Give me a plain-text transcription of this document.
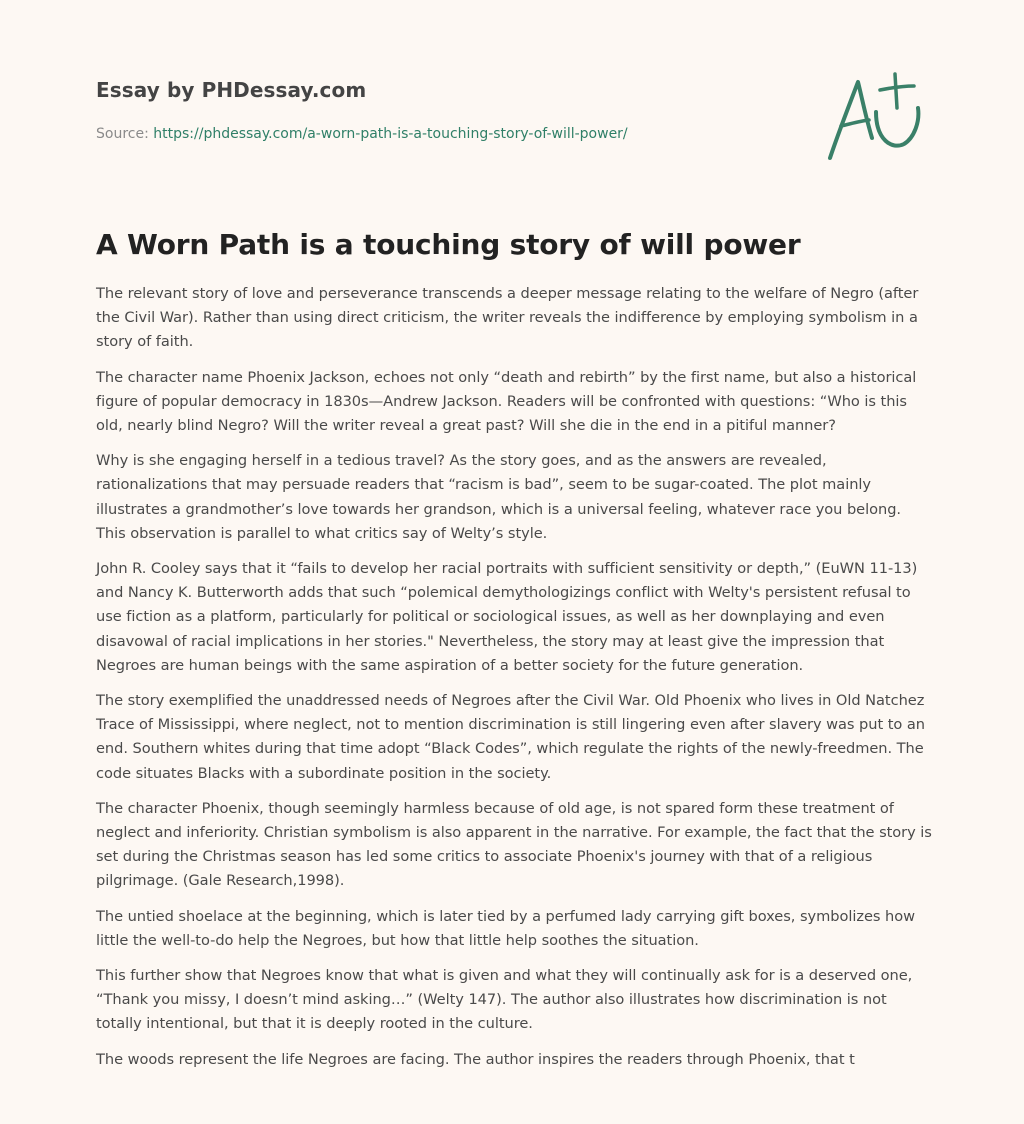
Essay by PHDessay.com

Source: https://phdessay.com/a-worn-path-is-a-touching-story-of-will-power/
A Worn Path is a touching story of will power

The relevant story of love and perseverance transcends a deeper message relating to the welfare of Negro (after the Civil War). Rather than using direct criticism, the writer reveals the indifference by employing symbolism in a story of faith.

The character name Phoenix Jackson, echoes not only “death and rebirth” by the first name, but also a historical figure of popular democracy in 1830s—Andrew Jackson. Readers will be confronted with questions: “Who is this old, nearly blind Negro? Will the writer reveal a great past? Will she die in the end in a pitiful manner?

Why is she engaging herself in a tedious travel? As the story goes, and as the answers are revealed, rationalizations that may persuade readers that “racism is bad”, seem to be sugar-coated. The plot mainly illustrates a grandmother’s love towards her grandson, which is a universal feeling, whatever race you belong. This observation is parallel to what critics say of Welty’s style.

John R. Cooley says that it “fails to develop her racial portraits with sufficient sensitivity or depth,” (EuWN 11-13) and Nancy K. Butterworth adds that such “polemical demythologizings conflict with Welty's persistent refusal to use fiction as a platform, particularly for political or sociological issues, as well as her downplaying and even disavowal of racial implications in her stories." Nevertheless, the story may at least give the impression that Negroes are human beings with the same aspiration of a better society for the future generation.

The story exemplified the unaddressed needs of Negroes after the Civil War. Old Phoenix who lives in Old Natchez Trace of Mississippi, where neglect, not to mention discrimination is still lingering even after slavery was put to an end. Southern whites during that time adopt “Black Codes”, which regulate the rights of the newly-freedmen. The code situates Blacks with a subordinate position in the society.

The character Phoenix, though seemingly harmless because of old age, is not spared form these treatment of neglect and inferiority. Christian symbolism is also apparent in the narrative. For example, the fact that the story is set during the Christmas season has led some critics to associate Phoenix's journey with that of a religious pilgrimage. (Gale Research,1998).

The untied shoelace at the beginning, which is later tied by a perfumed lady carrying gift boxes, symbolizes how little the well-to-do help the Negroes, but how that little help soothes the situation.

This further show that Negroes know that what is given and what they will continually ask for is a deserved one, “Thank you missy, I doesn’t mind asking…” (Welty 147). The author also illustrates how discrimination is not totally intentional, but that it is deeply rooted in the culture.

The woods represent the life Negroes are facing. The author inspires the readers through Phoenix, that t
